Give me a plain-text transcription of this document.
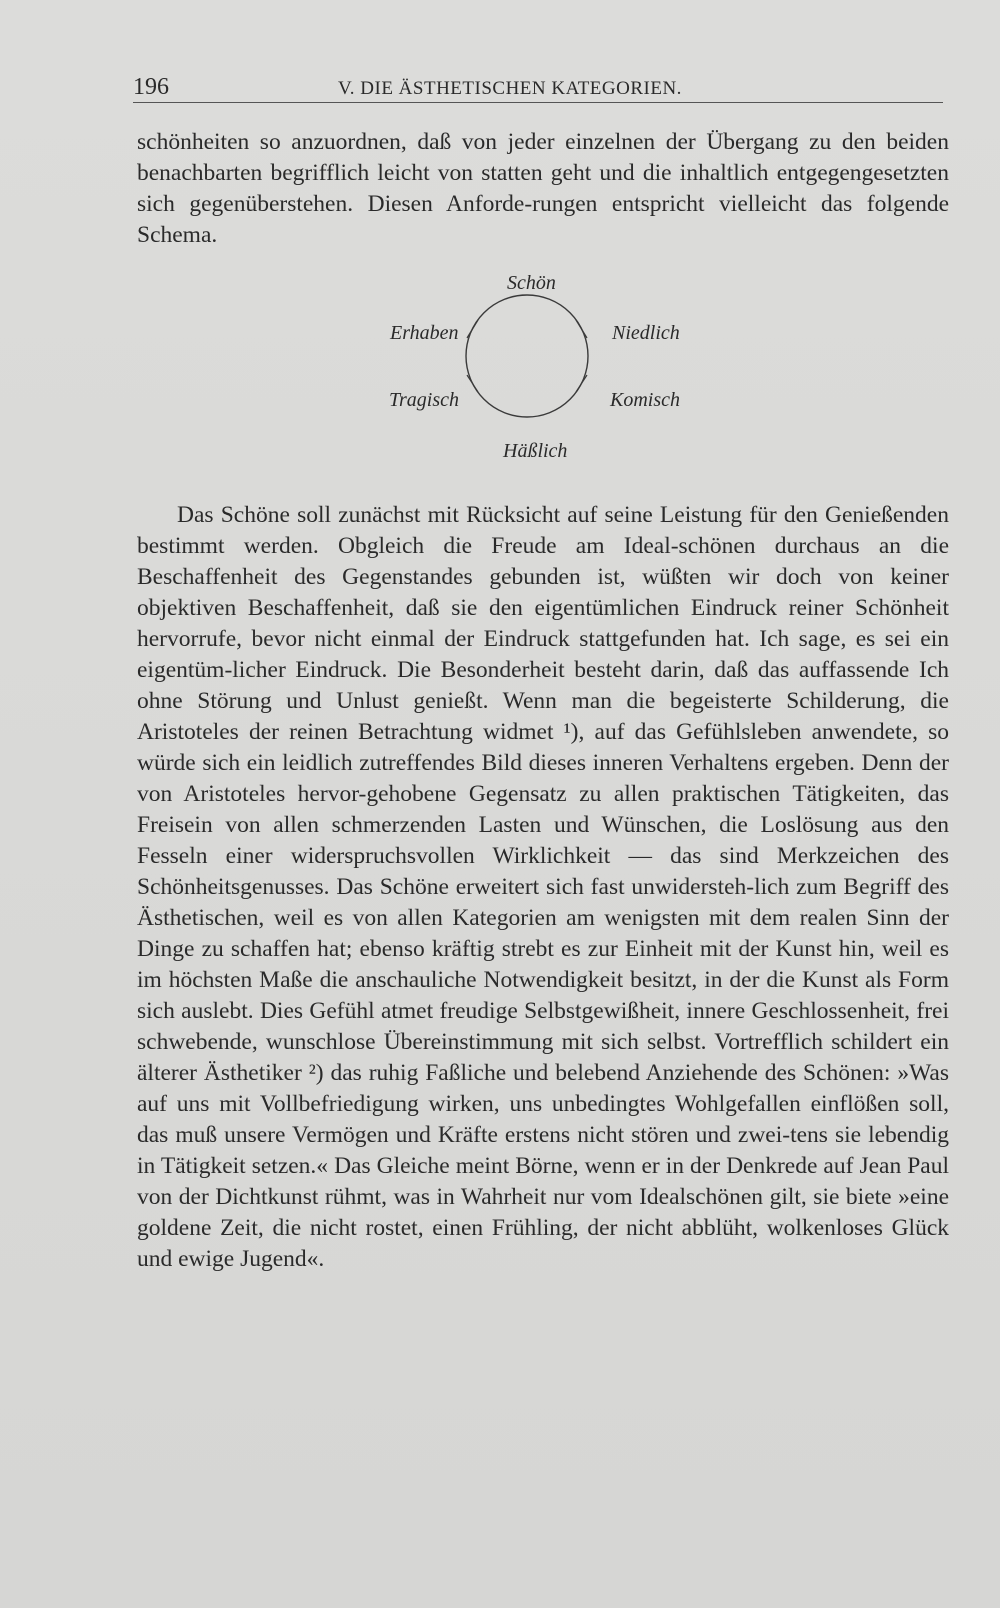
196	V. DIE ÄSTHETISCHEN KATEGORIEN.

schönheiten so anzuordnen, daß von jeder einzelnen der Übergang zu den beiden benachbarten begrifflich leicht von statten geht und die inhaltlich entgegengesetzten sich gegenüberstehen. Diesen Anforde-rungen entspricht vielleicht das folgende Schema.

Schön
Erhaben	Niedlich
Tragisch	Komisch
Häßlich

Das Schöne soll zunächst mit Rücksicht auf seine Leistung für den Genießenden bestimmt werden. Obgleich die Freude am Ideal-schönen durchaus an die Beschaffenheit des Gegenstandes gebunden ist, wüßten wir doch von keiner objektiven Beschaffenheit, daß sie den eigentümlichen Eindruck reiner Schönheit hervorrufe, bevor nicht einmal der Eindruck stattgefunden hat. Ich sage, es sei ein eigentüm-licher Eindruck. Die Besonderheit besteht darin, daß das auffassende Ich ohne Störung und Unlust genießt. Wenn man die begeisterte Schilderung, die Aristoteles der reinen Betrachtung widmet ¹), auf das Gefühlsleben anwendete, so würde sich ein leidlich zutreffendes Bild dieses inneren Verhaltens ergeben. Denn der von Aristoteles hervor-gehobene Gegensatz zu allen praktischen Tätigkeiten, das Freisein von allen schmerzenden Lasten und Wünschen, die Loslösung aus den Fesseln einer widerspruchsvollen Wirklichkeit — das sind Merkzeichen des Schönheitsgenusses. Das Schöne erweitert sich fast unwidersteh-lich zum Begriff des Ästhetischen, weil es von allen Kategorien am wenigsten mit dem realen Sinn der Dinge zu schaffen hat; ebenso kräftig strebt es zur Einheit mit der Kunst hin, weil es im höchsten Maße die anschauliche Notwendigkeit besitzt, in der die Kunst als Form sich auslebt. Dies Gefühl atmet freudige Selbstgewißheit, innere Geschlossenheit, frei schwebende, wunschlose Übereinstimmung mit sich selbst. Vortrefflich schildert ein älterer Ästhetiker ²) das ruhig Faßliche und belebend Anziehende des Schönen: »Was auf uns mit Vollbefriedigung wirken, uns unbedingtes Wohlgefallen einflößen soll, das muß unsere Vermögen und Kräfte erstens nicht stören und zwei-tens sie lebendig in Tätigkeit setzen.« Das Gleiche meint Börne, wenn er in der Denkrede auf Jean Paul von der Dichtkunst rühmt, was in Wahrheit nur vom Idealschönen gilt, sie biete »eine goldene Zeit, die nicht rostet, einen Frühling, der nicht abblüht, wolkenloses Glück und ewige Jugend«.
